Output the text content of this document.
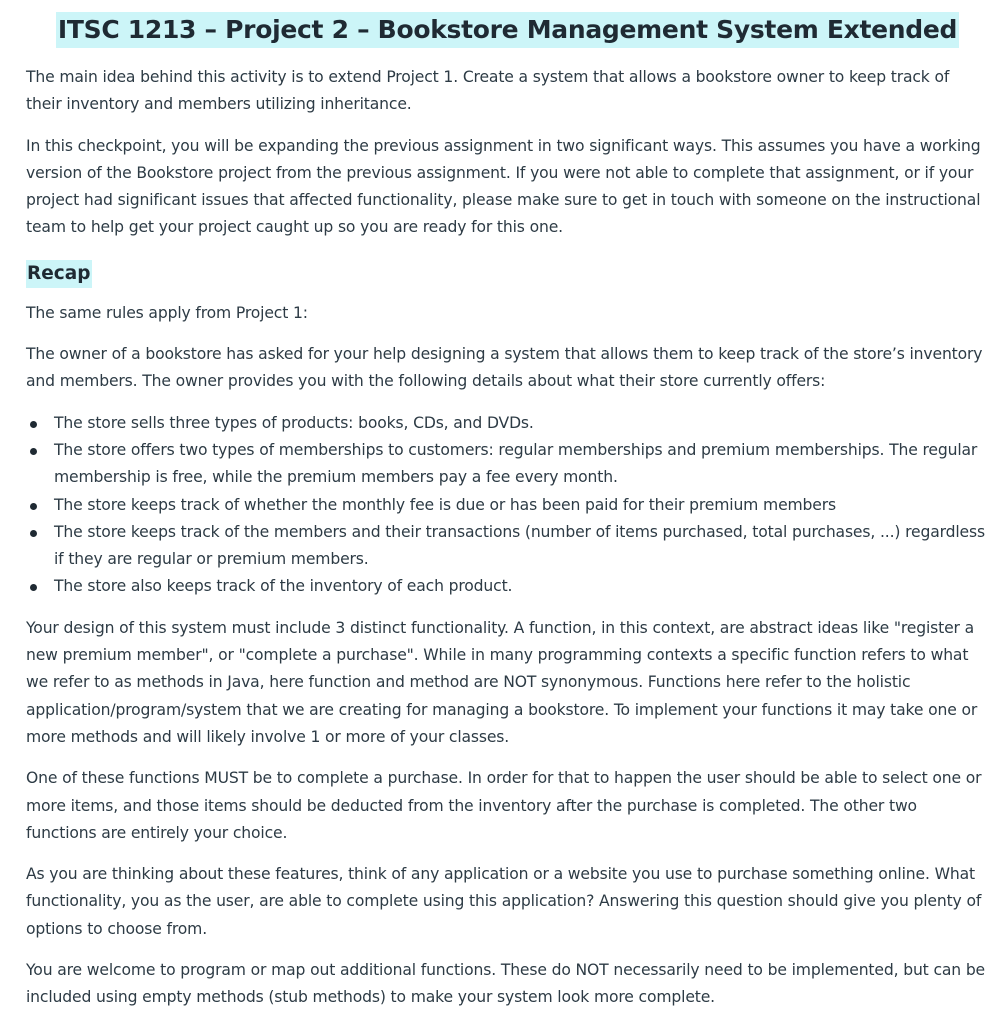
ITSC 1213 – Project 2 – Bookstore Management System Extended

The main idea behind this activity is to extend Project 1. Create a system that allows a bookstore owner to keep track of their inventory and members utilizing inheritance.

In this checkpoint, you will be expanding the previous assignment in two significant ways. This assumes you have a working version of the Bookstore project from the previous assignment. If you were not able to complete that assignment, or if your project had significant issues that affected functionality, please make sure to get in touch with someone on the instructional team to help get your project caught up so you are ready for this one.

Recap

The same rules apply from Project 1:

The owner of a bookstore has asked for your help designing a system that allows them to keep track of the store’s inventory and members. The owner provides you with the following details about what their store currently offers:

The store sells three types of products: books, CDs, and DVDs.
The store offers two types of memberships to customers: regular memberships and premium memberships. The regular membership is free, while the premium members pay a fee every month.
The store keeps track of whether the monthly fee is due or has been paid for their premium members
The store keeps track of the members and their transactions (number of items purchased, total purchases, ...) regardless if they are regular or premium members.
The store also keeps track of the inventory of each product.

Your design of this system must include 3 distinct functionality. A function, in this context, are abstract ideas like "register a new premium member", or "complete a purchase". While in many programming contexts a specific function refers to what we refer to as methods in Java, here function and method are NOT synonymous. Functions here refer to the holistic application/program/system that we are creating for managing a bookstore. To implement your functions it may take one or more methods and will likely involve 1 or more of your classes.

One of these functions MUST be to complete a purchase. In order for that to happen the user should be able to select one or more items, and those items should be deducted from the inventory after the purchase is completed. The other two functions are entirely your choice.

As you are thinking about these features, think of any application or a website you use to purchase something online. What functionality, you as the user, are able to complete using this application? Answering this question should give you plenty of options to choose from.

You are welcome to program or map out additional functions. These do NOT necessarily need to be implemented, but can be included using empty methods (stub methods) to make your system look more complete.
